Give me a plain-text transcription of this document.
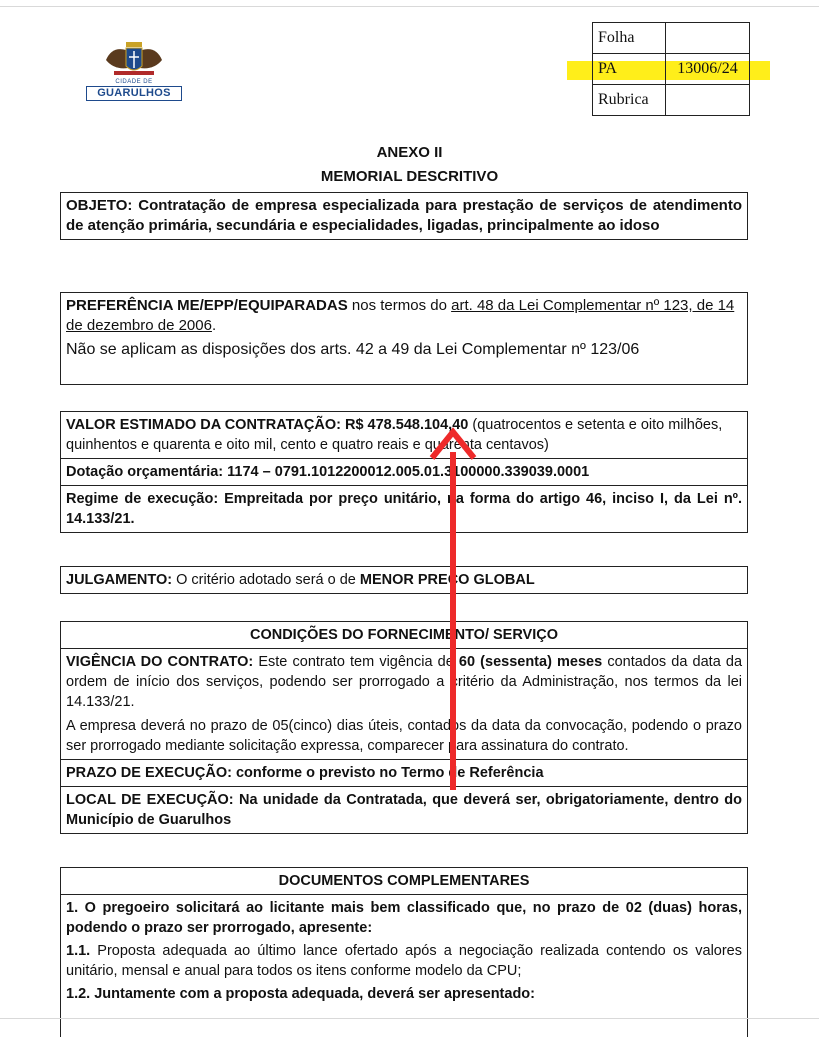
CIDADE DE
GUARULHOS
Folha	
PA	13006/24
Rubrica	
ANEXO II
MEMORIAL DESCRITIVO
OBJETO: Contratação de empresa especializada para prestação de serviços de atendimento de atenção primária, secundária e especialidades, ligadas, principalmente ao idoso
PREFERÊNCIA ME/EPP/EQUIPARADAS nos termos do art. 48 da Lei Complementar nº 123, de 14 de dezembro de 2006.
Não se aplicam as disposições dos arts. 42 a 49 da Lei Complementar nº 123/06
VALOR ESTIMADO DA CONTRATAÇÃO: R$ 478.548.104,40 (quatrocentos e setenta e oito milhões, quinhentos e quarenta e oito mil, cento e quatro reais e quarenta centavos)
Dotação orçamentária: 1174 – 0791.1012200012.005.01.3100000.339039.0001
Regime de execução: Empreitada por preço unitário, na forma do artigo 46, inciso I, da Lei nº. 14.133/21.
JULGAMENTO: O critério adotado será o de MENOR PREÇO GLOBAL
CONDIÇÕES DO FORNECIMENTO/ SERVIÇO
VIGÊNCIA DO CONTRATO: Este contrato tem vigência de 60 (sessenta) meses contados da data da ordem de início dos serviços, podendo ser prorrogado a critério da Administração, nos termos da lei 14.133/21.
A empresa deverá no prazo de 05(cinco) dias úteis, contados da data da convocação, podendo o prazo ser prorrogado mediante solicitação expressa, comparecer para assinatura do contrato.
PRAZO DE EXECUÇÃO: conforme o previsto no Termo de Referência
LOCAL DE EXECUÇÃO: Na unidade da Contratada, que deverá ser, obrigatoriamente, dentro do Município de Guarulhos
DOCUMENTOS COMPLEMENTARES
1. O pregoeiro solicitará ao licitante mais bem classificado que, no prazo de 02 (duas) horas, podendo o prazo ser prorrogado, apresente:
1.1. Proposta adequada ao último lance ofertado após a negociação realizada contendo os valores unitário, mensal e anual para todos os itens conforme modelo da CPU;
1.2. Juntamente com a proposta adequada, deverá ser apresentado:
